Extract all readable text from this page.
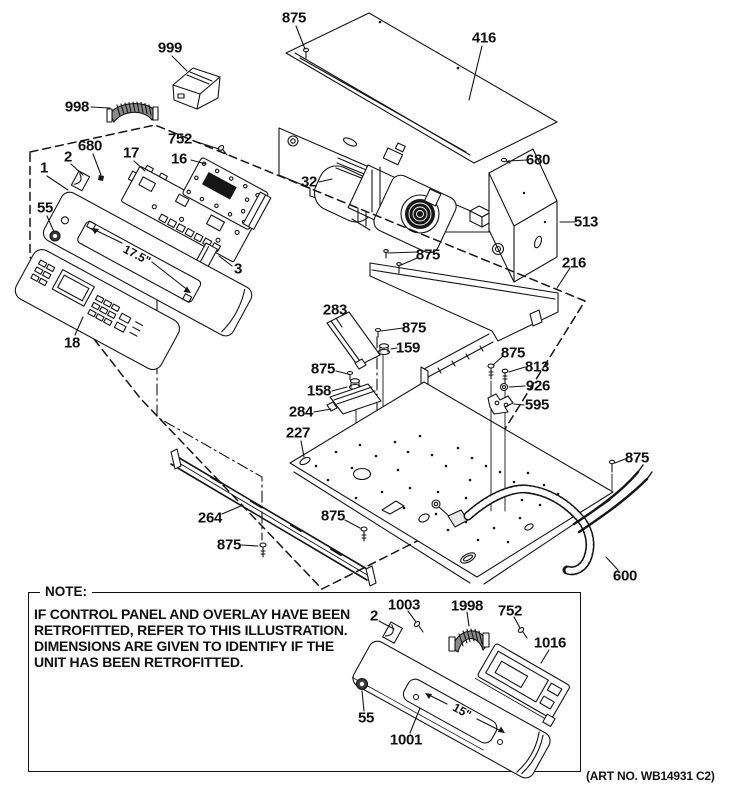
NOTE:
IF CONTROL PANEL AND OVERLAY HAVE BEEN
RETROFITTED, REFER TO THIS ILLUSTRATION.
DIMENSIONS ARE GIVEN TO IDENTIFY IF THE
UNIT HAS BEEN RETROFITTED.
875
416
999
998
752
680
2	17 16
1
55
3
18
680
513
216
32
875
283
875
159
875
158
284
227
875
813
926
595
875
875
264	875
600
2
1003 1998 752
1016
55
1001
17.5"
15"
(ART NO. WB14931 C2)
